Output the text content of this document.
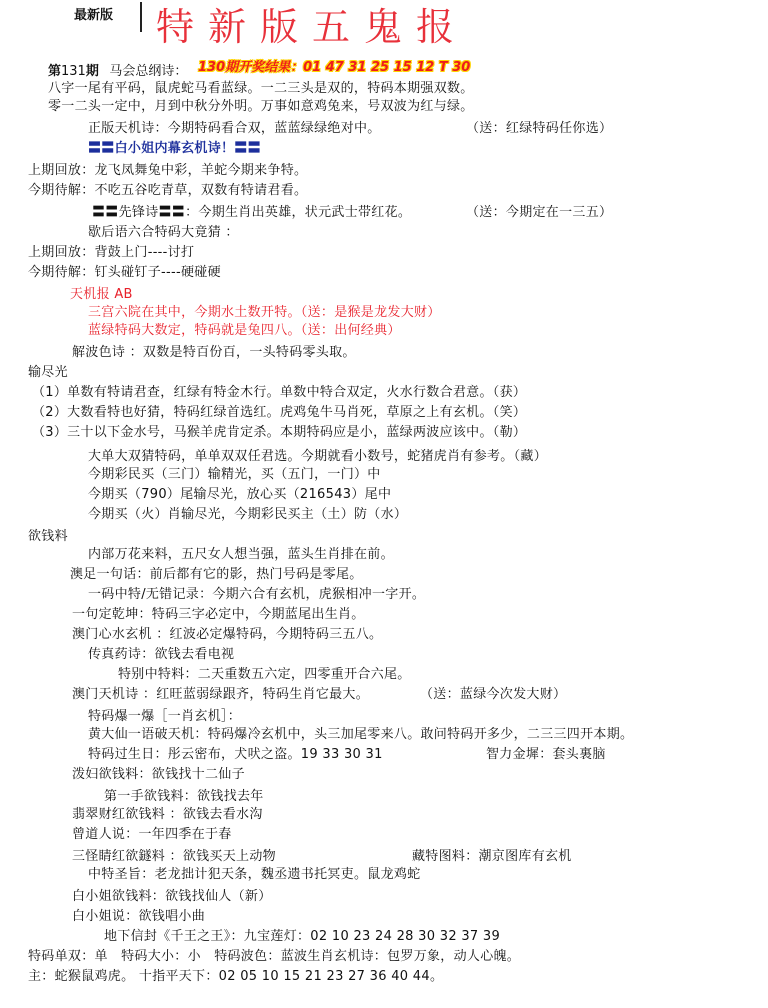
最新版 特新版五鬼报
第131期 马会总纲诗： 130期开奖结果：01 47 31 25 15 12 T 30
八字一尾有平码，鼠虎蛇马看蓝绿。一二三头是双的，特码本期强双数。
零一二头一定中，月到中秋分外明。万事如意鸡兔来，号双波为红与绿。
正版天机诗：今期特码看合双，蓝蓝绿绿绝对中。	（送：红绿特码任你选）
〓〓白小姐内幕玄机诗！〓〓
上期回放：龙飞凤舞兔中彩，羊蛇今期来争特。
今期待解：不吃五谷吃青草，双数有特请君看。
〓〓先锋诗〓〓：今期生肖出英雄，状元武士带红花。	（送：今期定在一三五）
歇后语六合特码大竟猜 ：
上期回放：背鼓上门----讨打
今期待解：钉头碰钉子----硬碰硬
天机报 AB
三宫六院在其中，今期水土数开特。（送：是猴是龙发大财）
蓝绿特码大数定，特码就是兔四八。（送：出何经典）
解波色诗 ：双数是特百份百，一头特码零头取。
输尽光
（1）单数有特请君查，红绿有特金木行。单数中特合双定，火水行数合君意。（获）
（2）大数看特也好猜，特码红绿首选红。虎鸡兔牛马肖死，草原之上有玄机。（笑）
（3）三十以下金水号，马猴羊虎肯定杀。本期特码应是小，蓝绿两波应该中。（勒）
大单大双猜特码，单单双双任君选。今期就看小数号，蛇猪虎肖有参考。（藏）
今期彩民买（三门）输精光，买（五门，一门）中
今期买（790）尾输尽光，放心买（216543）尾中
今期买（火）肖输尽光，今期彩民买主（土）防（水）
欲钱料
内部万花来料，五尺女人想当强，蓝头生肖排在前。
澳足一句话：前后都有它的影，热门号码是零尾。
一码中特/无错记录：今期六合有玄机，虎猴相冲一字开。
一句定乾坤：特码三字必定中，今期蓝尾出生肖。
澳门心水玄机 ：红波必定爆特码，今期特码三五八。
传真药诗：欲钱去看电视
特别中特料：二天重数五六定，四零重开合六尾。
澳门天机诗 ：红旺蓝弱绿跟齐，特码生肖它最大。	（送：蓝绿今次发大财）
特码爆一爆［一肖玄机］：
黄大仙一语破天机：特码爆冷玄机中，头三加尾零来八。敢问特码开多少，二三三四开本期。
特码过生日：彤云密布，犬吠之盗。19 33 30 31	智力金墀：套头裏脑
泼妇欲钱料：欲钱找十二仙子
第一手欲钱料：欲钱找去年
翡翠财红欲钱料 ：欲钱去看水沟
曾道人说：一年四季在于春
三怪睛红欲鐩料 ：欲钱买天上动物	藏特图料：潮京图库有玄机
中特圣旨：老龙拙计犯天条，魏丞遗书托冥吏。鼠龙鸡蛇
白小姐欲钱料：欲钱找仙人（新）
白小姐说：欲钱唱小曲
地下信封《千王之王》：九宝莲灯：02 10 23 24 28 30 32 37 39
特码单双：单　特码大小：小　特码波色：蓝波生肖玄机诗：包罗万象，动人心魄。
主：蛇猴鼠鸡虎。 十指平天下：02 05 10 15 21 23 27 36 40 44。
